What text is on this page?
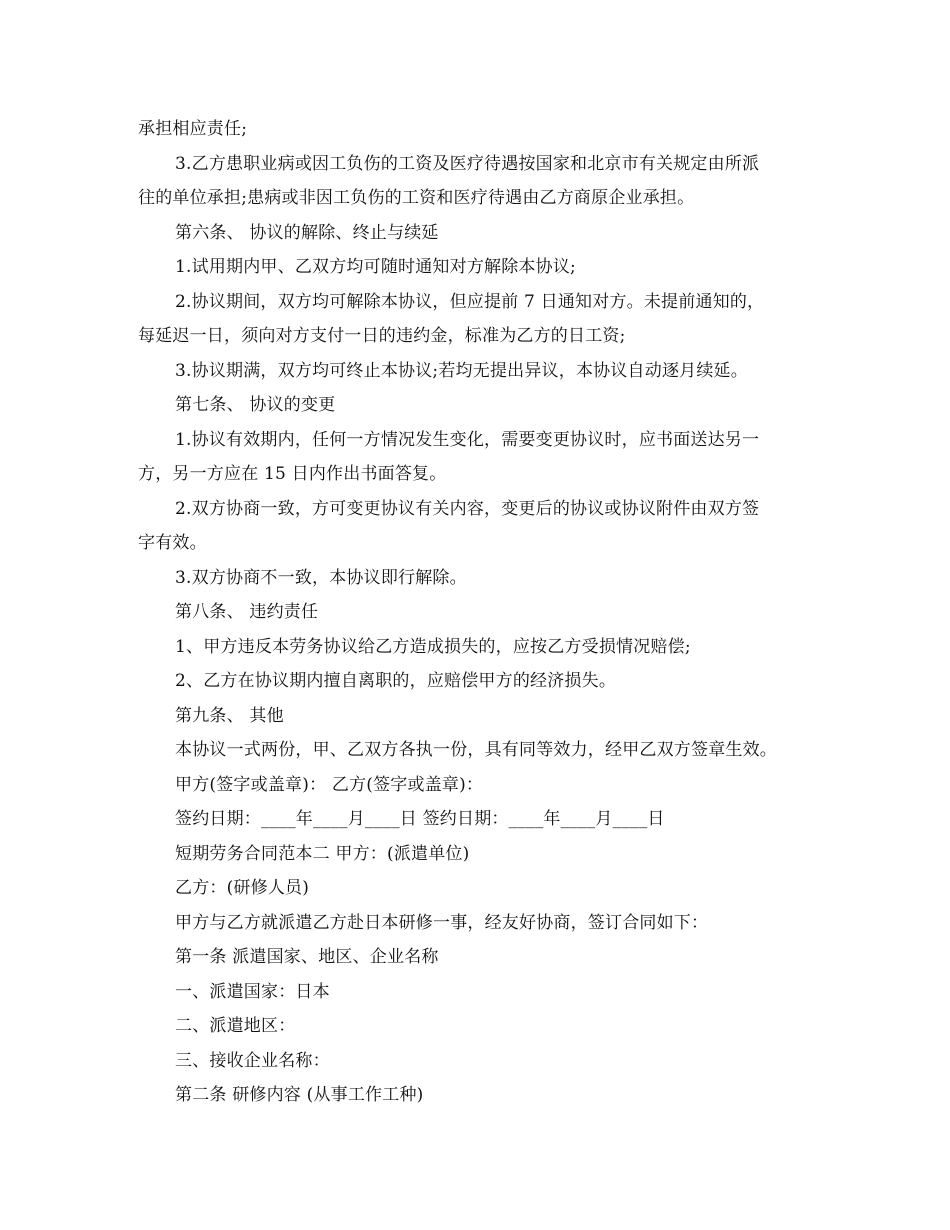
承担相应责任;
3.乙方患职业病或因工负伤的工资及医疗待遇按国家和北京市有关规定由所派
往的单位承担;患病或非因工负伤的工资和医疗待遇由乙方商原企业承担。
第六条、 协议的解除、终止与续延
1.试用期内甲、乙双方均可随时通知对方解除本协议;
2.协议期间，双方均可解除本协议，但应提前 7 日通知对方。未提前通知的，
每延迟一日，须向对方支付一日的违约金，标准为乙方的日工资;
3.协议期满，双方均可终止本协议;若均无提出异议，本协议自动逐月续延。
第七条、 协议的变更
1.协议有效期内，任何一方情况发生变化，需要变更协议时，应书面送达另一
方，另一方应在 15 日内作出书面答复。
2.双方协商一致，方可变更协议有关内容，变更后的协议或协议附件由双方签
字有效。
3.双方协商不一致，本协议即行解除。
第八条、 违约责任
1、甲方违反本劳务协议给乙方造成损失的，应按乙方受损情况赔偿;
2、乙方在协议期内擅自离职的，应赔偿甲方的经济损失。
第九条、 其他
本协议一式两份，甲、乙双方各执一份，具有同等效力，经甲乙双方签章生效。
甲方(签字或盖章)： 乙方(签字或盖章)：
签约日期：____年____月____日 签约日期：____年____月____日
短期劳务合同范本二 甲方：(派遣单位)
乙方：(研修人员)
甲方与乙方就派遣乙方赴日本研修一事，经友好协商，签订合同如下：
第一条 派遣国家、地区、企业名称
一、派遣国家：日本
二、派遣地区：
三、接收企业名称：
第二条 研修内容 (从事工作工种)
